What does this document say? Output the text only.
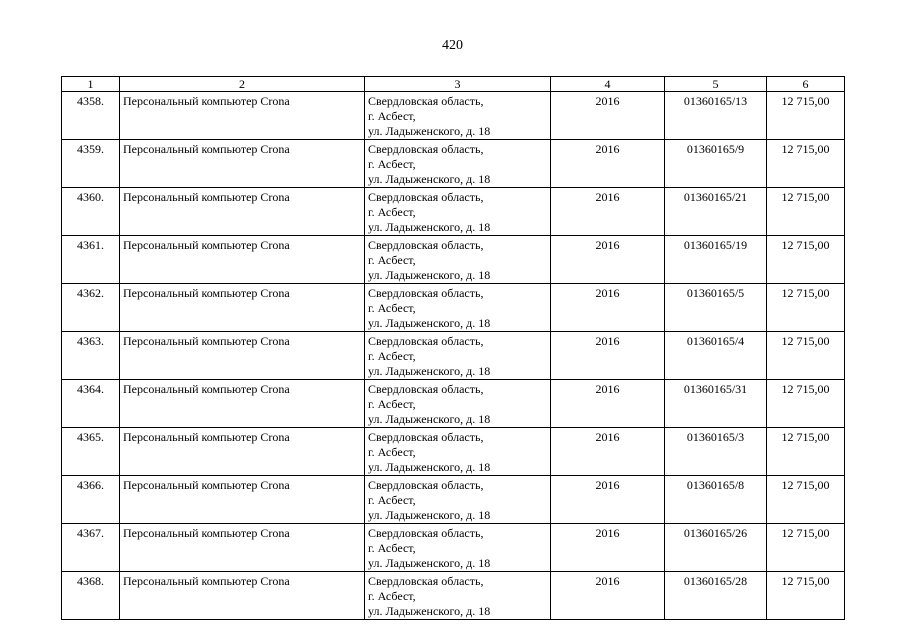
420
1	2	3	4	5	6
4358.	Персональный компьютер Crona	Свердловская область,
г. Асбест,
ул. Ладыженского, д. 18	2016	01360165/13	12 715,00
4359.	Персональный компьютер Crona	Свердловская область,
г. Асбест,
ул. Ладыженского, д. 18	2016	01360165/9	12 715,00
4360.	Персональный компьютер Crona	Свердловская область,
г. Асбест,
ул. Ладыженского, д. 18	2016	01360165/21	12 715,00
4361.	Персональный компьютер Crona	Свердловская область,
г. Асбест,
ул. Ладыженского, д. 18	2016	01360165/19	12 715,00
4362.	Персональный компьютер Crona	Свердловская область,
г. Асбест,
ул. Ладыженского, д. 18	2016	01360165/5	12 715,00
4363.	Персональный компьютер Crona	Свердловская область,
г. Асбест,
ул. Ладыженского, д. 18	2016	01360165/4	12 715,00
4364.	Персональный компьютер Crona	Свердловская область,
г. Асбест,
ул. Ладыженского, д. 18	2016	01360165/31	12 715,00
4365.	Персональный компьютер Crona	Свердловская область,
г. Асбест,
ул. Ладыженского, д. 18	2016	01360165/3	12 715,00
4366.	Персональный компьютер Crona	Свердловская область,
г. Асбест,
ул. Ладыженского, д. 18	2016	01360165/8	12 715,00
4367.	Персональный компьютер Crona	Свердловская область,
г. Асбест,
ул. Ладыженского, д. 18	2016	01360165/26	12 715,00
4368.	Персональный компьютер Crona	Свердловская область,
г. Асбест,
ул. Ладыженского, д. 18	2016	01360165/28	12 715,00
